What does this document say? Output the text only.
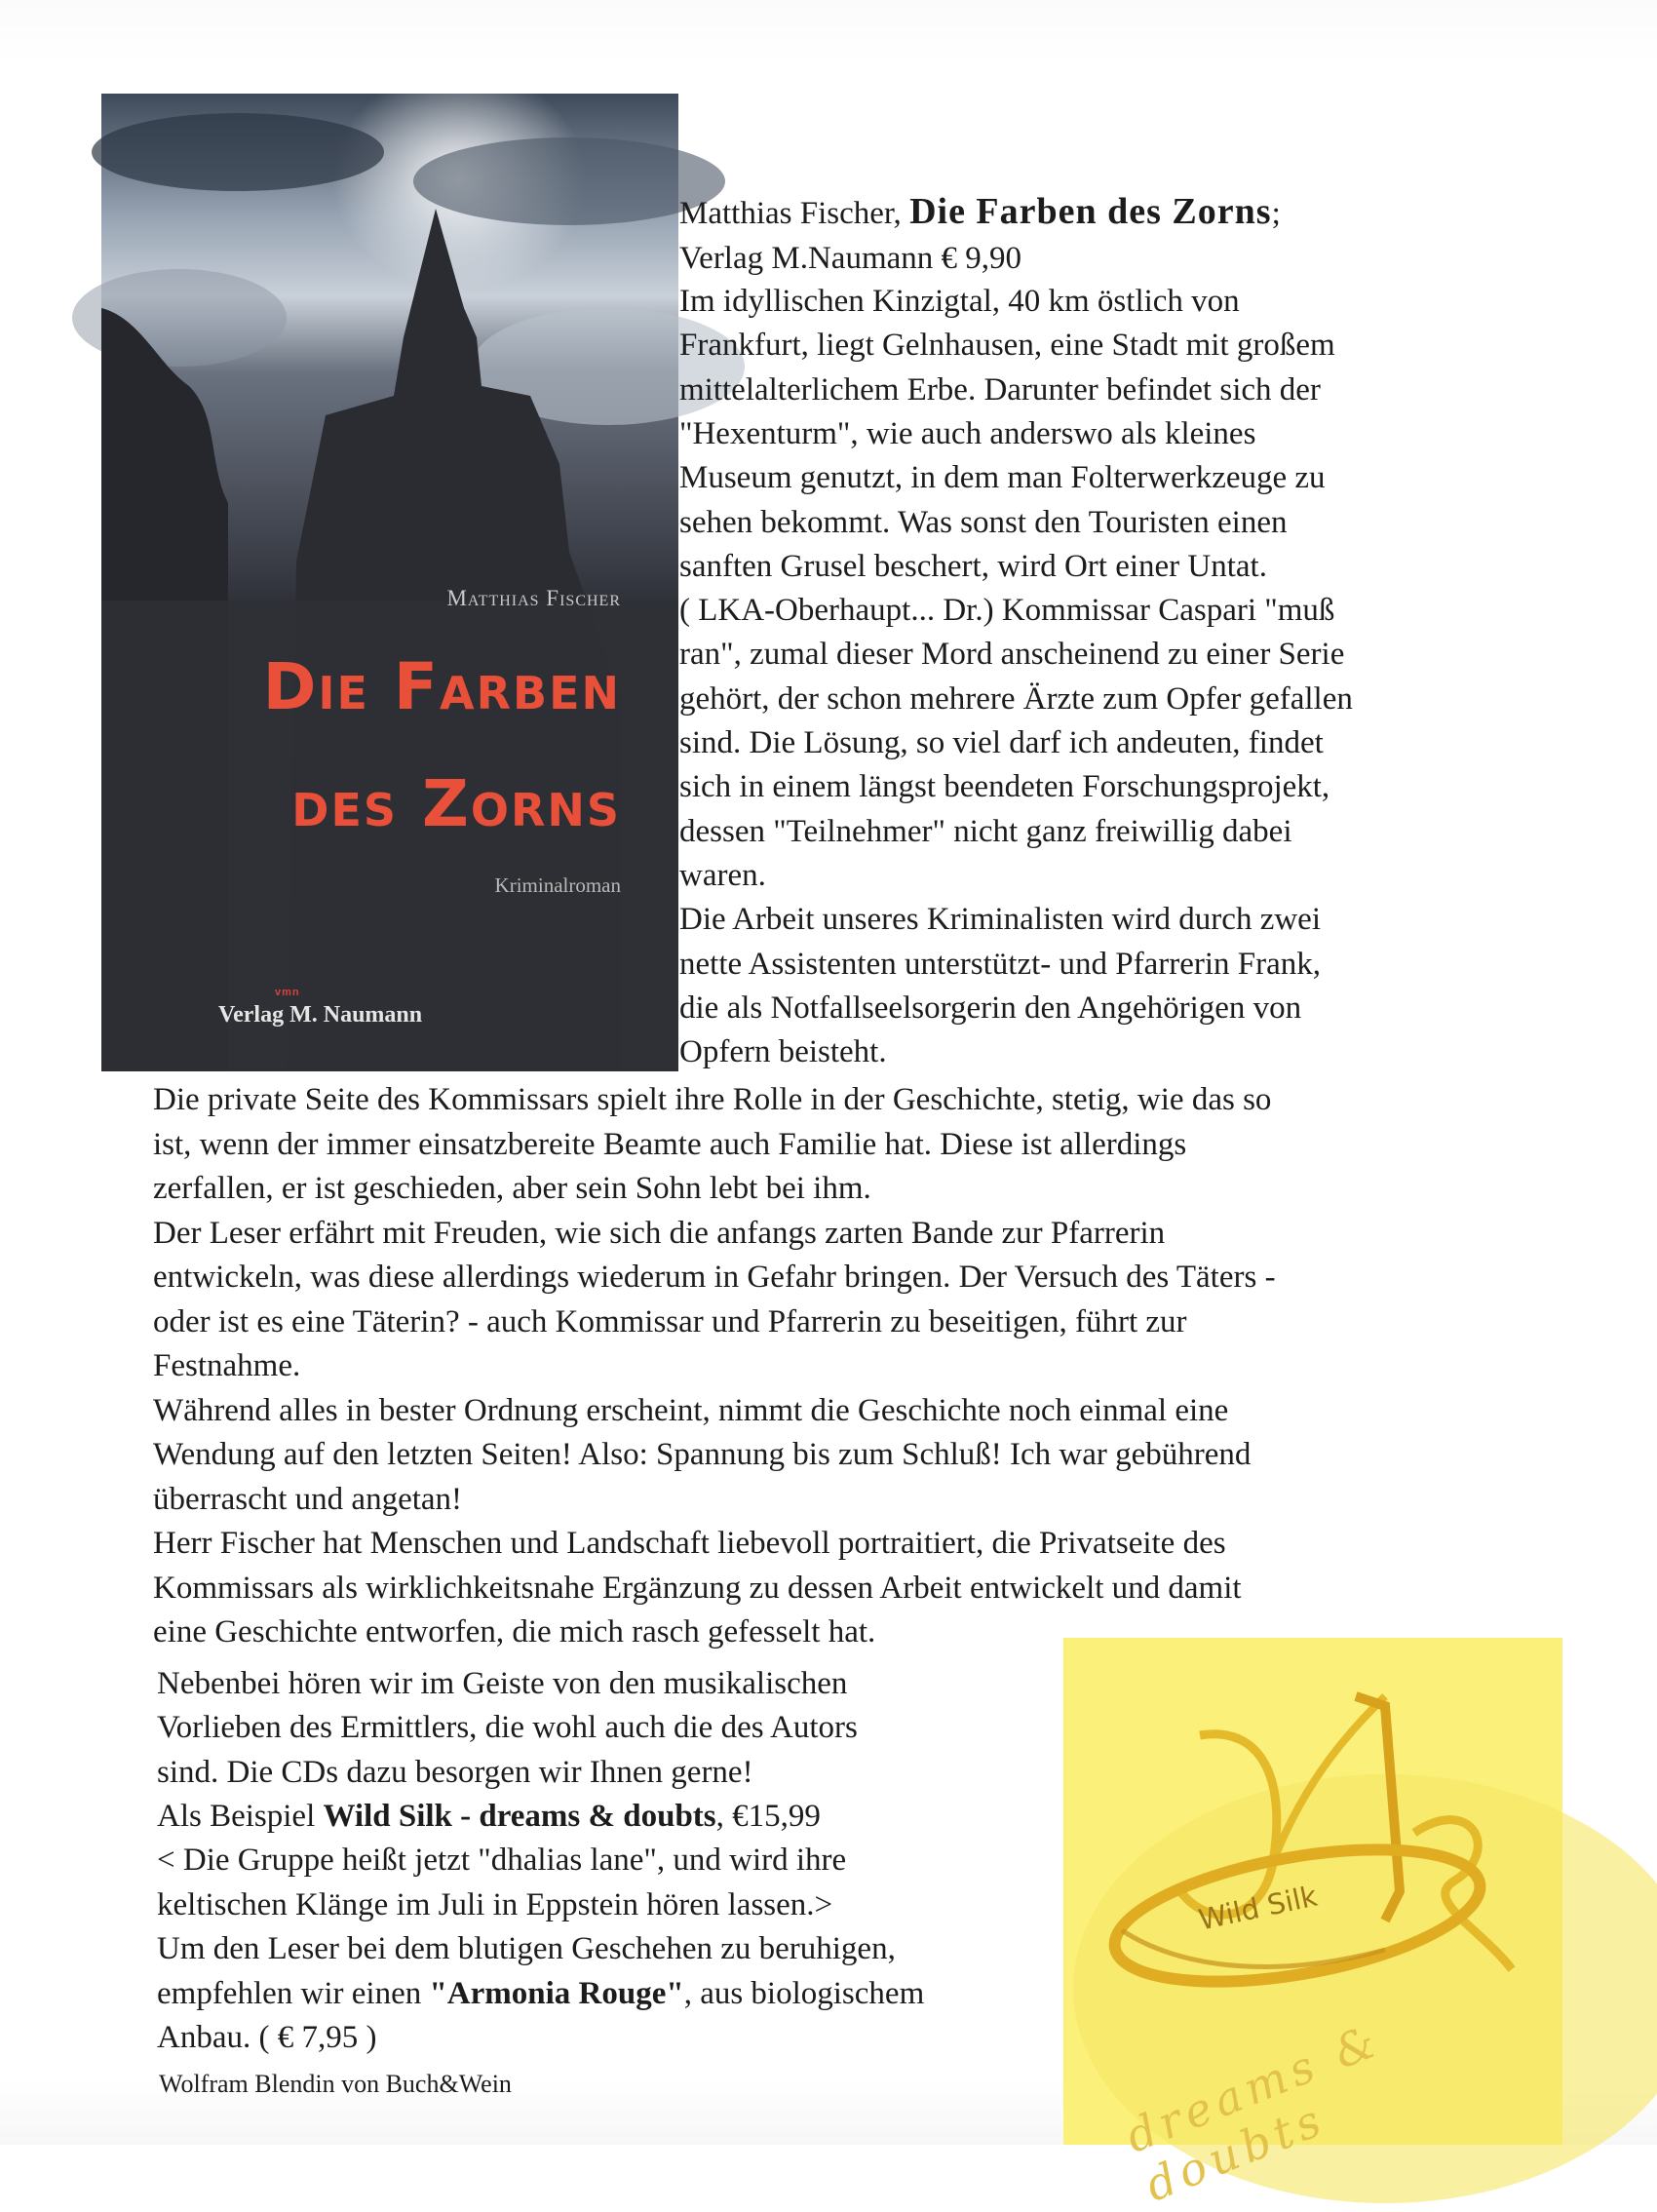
Matthias Fischer
Die Farben
des Zorns
Kriminalroman
vmn
Verlag M. Naumann
Matthias Fischer, Die Farben des Zorns;
Verlag M.Naumann € 9,90
Im idyllischen Kinzigtal, 40 km östlich von
Frankfurt, liegt Gelnhausen, eine Stadt mit großem
mittelalterlichem Erbe. Darunter befindet sich der
"Hexenturm", wie auch anderswo als kleines
Museum genutzt, in dem man Folterwerkzeuge zu
sehen bekommt. Was sonst den Touristen einen
sanften Grusel beschert, wird Ort einer Untat.
( LKA-Oberhaupt... Dr.) Kommissar Caspari "muß
ran", zumal dieser Mord anscheinend zu einer Serie
gehört, der schon mehrere Ärzte zum Opfer gefallen
sind. Die Lösung, so viel darf ich andeuten, findet
sich in einem längst beendeten Forschungsprojekt,
dessen "Teilnehmer" nicht ganz freiwillig dabei
waren.
Die Arbeit unseres Kriminalisten wird durch zwei
nette Assistenten unterstützt- und Pfarrerin Frank,
die als Notfallseelsorgerin den Angehörigen von
Opfern beisteht.
Die private Seite des Kommissars spielt ihre Rolle in der Geschichte, stetig, wie das so
ist, wenn der immer einsatzbereite Beamte auch Familie hat. Diese ist allerdings
zerfallen, er ist geschieden, aber sein Sohn lebt bei ihm.
Der Leser erfährt mit Freuden, wie sich die anfangs zarten Bande zur Pfarrerin
entwickeln, was diese allerdings wiederum in Gefahr bringen. Der Versuch des Täters -
oder ist es eine Täterin? - auch Kommissar und Pfarrerin zu beseitigen, führt zur
Festnahme.
Während alles in bester Ordnung erscheint, nimmt die Geschichte noch einmal eine
Wendung auf den letzten Seiten! Also: Spannung bis zum Schluß! Ich war gebührend
überrascht und angetan!
Herr Fischer hat Menschen und Landschaft liebevoll portraitiert, die Privatseite des
Kommissars als wirklichkeitsnahe Ergänzung zu dessen Arbeit entwickelt und damit
eine Geschichte entworfen, die mich rasch gefesselt hat.
Nebenbei hören wir im Geiste von den musikalischen
Vorlieben des Ermittlers, die wohl auch die des Autors
sind. Die CDs dazu besorgen wir Ihnen gerne!
Als Beispiel Wild Silk - dreams & doubts, €15,99
< Die Gruppe heißt jetzt "dhalias lane", und wird ihre
keltischen Klänge im Juli in Eppstein hören lassen.>
Um den Leser bei dem blutigen Geschehen zu beruhigen,
empfehlen wir einen "Armonia Rouge", aus biologischem
Anbau. ( € 7,95 )
Wolfram Blendin von Buch&Wein
Wild Silk
dreams & doubts
